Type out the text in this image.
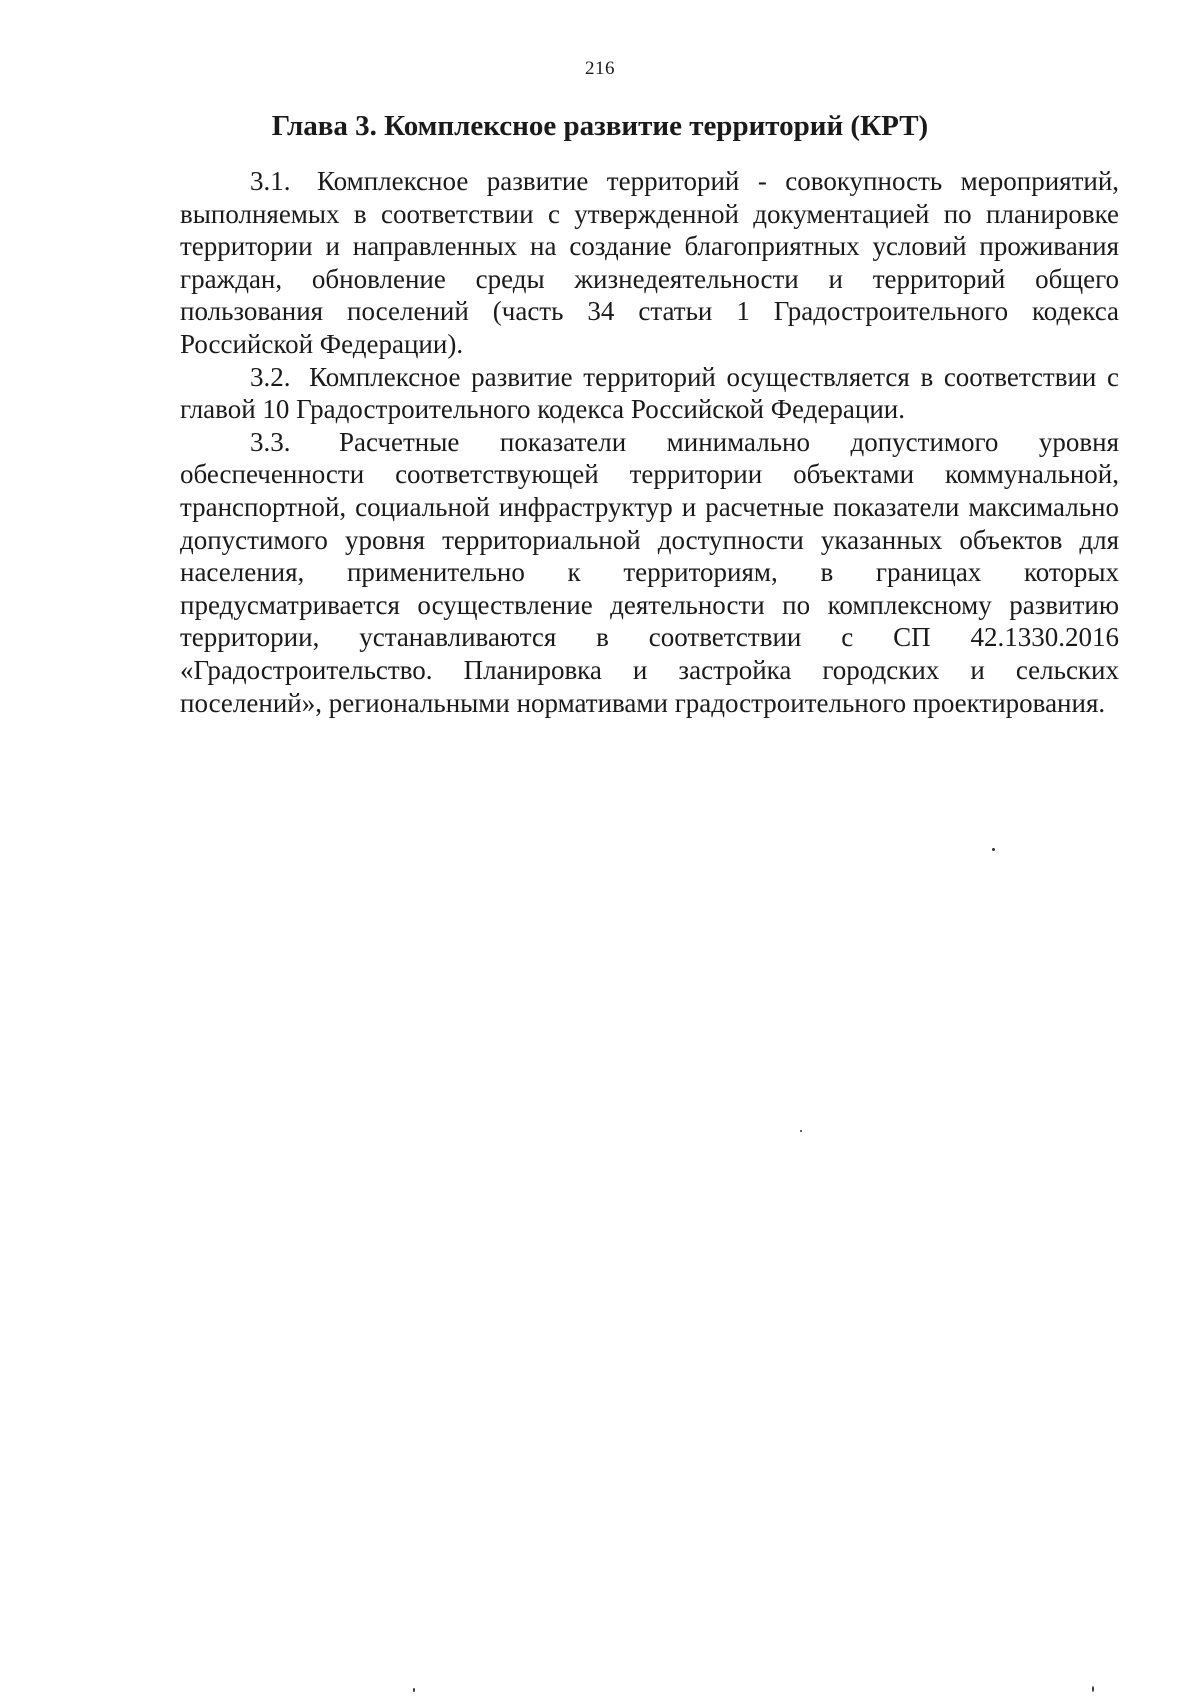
216
Глава 3. Комплексное развитие территорий (КРТ)

3.1. Комплексное развитие территорий - совокупность мероприятий, выполняемых в соответствии с утвержденной документацией по планировке территории и направленных на создание благоприятных условий проживания граждан, обновление среды жизнедеятельности и территорий общего пользования поселений (часть 34 статьи 1 Градостроительного кодекса Российской Федерации).

3.2. Комплексное развитие территорий осуществляется в соответствии с главой 10 Градостроительного кодекса Российской Федерации.

3.3. Расчетные показатели минимально допустимого уровня обеспеченности соответствующей территории объектами коммунальной, транспортной, социальной инфраструктур и расчетные показатели максимально допустимого уровня территориальной доступности указанных объектов для населения, применительно к территориям, в границах которых предусматривается осуществление деятельности по комплексному развитию территории, устанавливаются в соответствии с СП 42.1330.2016 «Градостроительство. Планировка и застройка городских и сельских поселений», региональными нормативами градостроительного проектирования.
